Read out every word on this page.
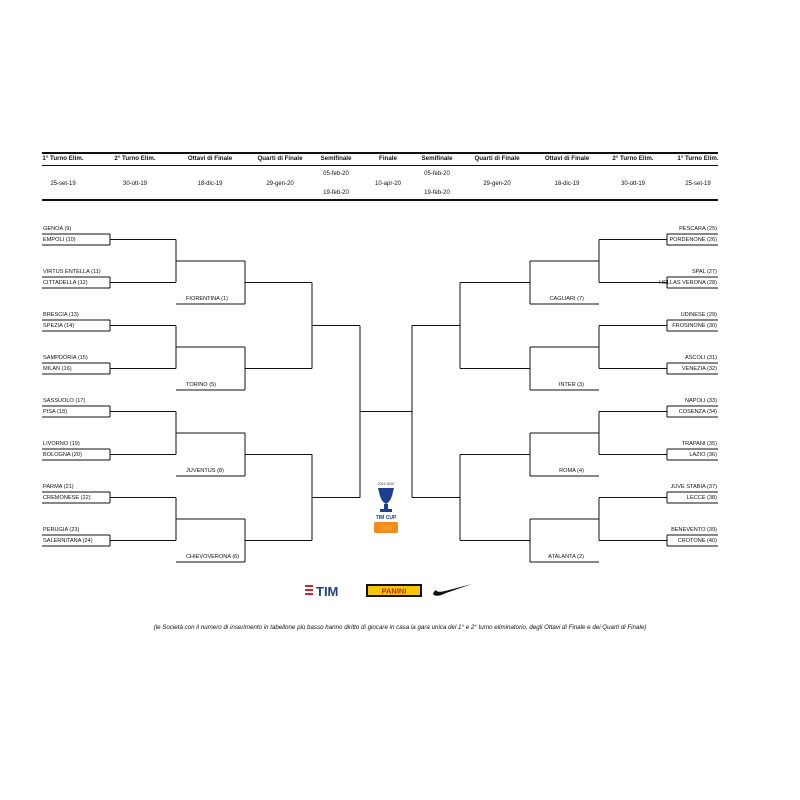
1° Turno Elim.
25-set-19
2° Turno Elim.
30-ott-19
Ottavi di Finale
18-dic-19
Quarti di Finale
29-gen-20
Semifinale
05-feb-20
19-feb-20
Finale
10-apr-20
Semifinale
05-feb-20
19-feb-20
Quarti di Finale
29-gen-20
Ottavi di Finale
18-dic-19
2° Turno Elim.
30-ott-19
1° Turno Elim.
25-set-19
GENOA (9)
EMPOLI (10)
VIRTUS ENTELLA (11)
CITTADELLA (12)
BRESCIA (13)
SPEZIA (14)
SAMPDORIA (15)
MILAN (16)
SASSUOLO (17)
PISA (18)
LIVORNO (19)
BOLOGNA (20)
PARMA (21)
CREMONESE (22)
PERUGIA (23)
SALERNITANA (24)
FIORENTINA (1)
TORINO (5)
JUVENTUS (8)
CHIEVOVERONA (6)
PESCARA (25)
PORDENONE (26)
SPAL (27)
HELLAS VERONA (28)
UDINESE (29)
FROSINONE (30)
ASCOLI (31)
VENEZIA (32)
NAPOLI (33)
COSENZA (34)
TRAPANI (35)
LAZIO (36)
JUVE STABIA (37)
LECCE (38)
BENEVENTO (39)
CROTONE (40)
CAGLIARI (7)
INTER (3)
ROMA (4)
ATALANTA (2)
2019·2020
TIM CUP
TIM
TIM	PANINI
(le Società con il numero di inserimento in tabellone più basso hanno diritto di giocare in casa la gara unica del 1° e 2° turno eliminatorio, degli Ottavi di Finale e dei Quarti di Finale)
